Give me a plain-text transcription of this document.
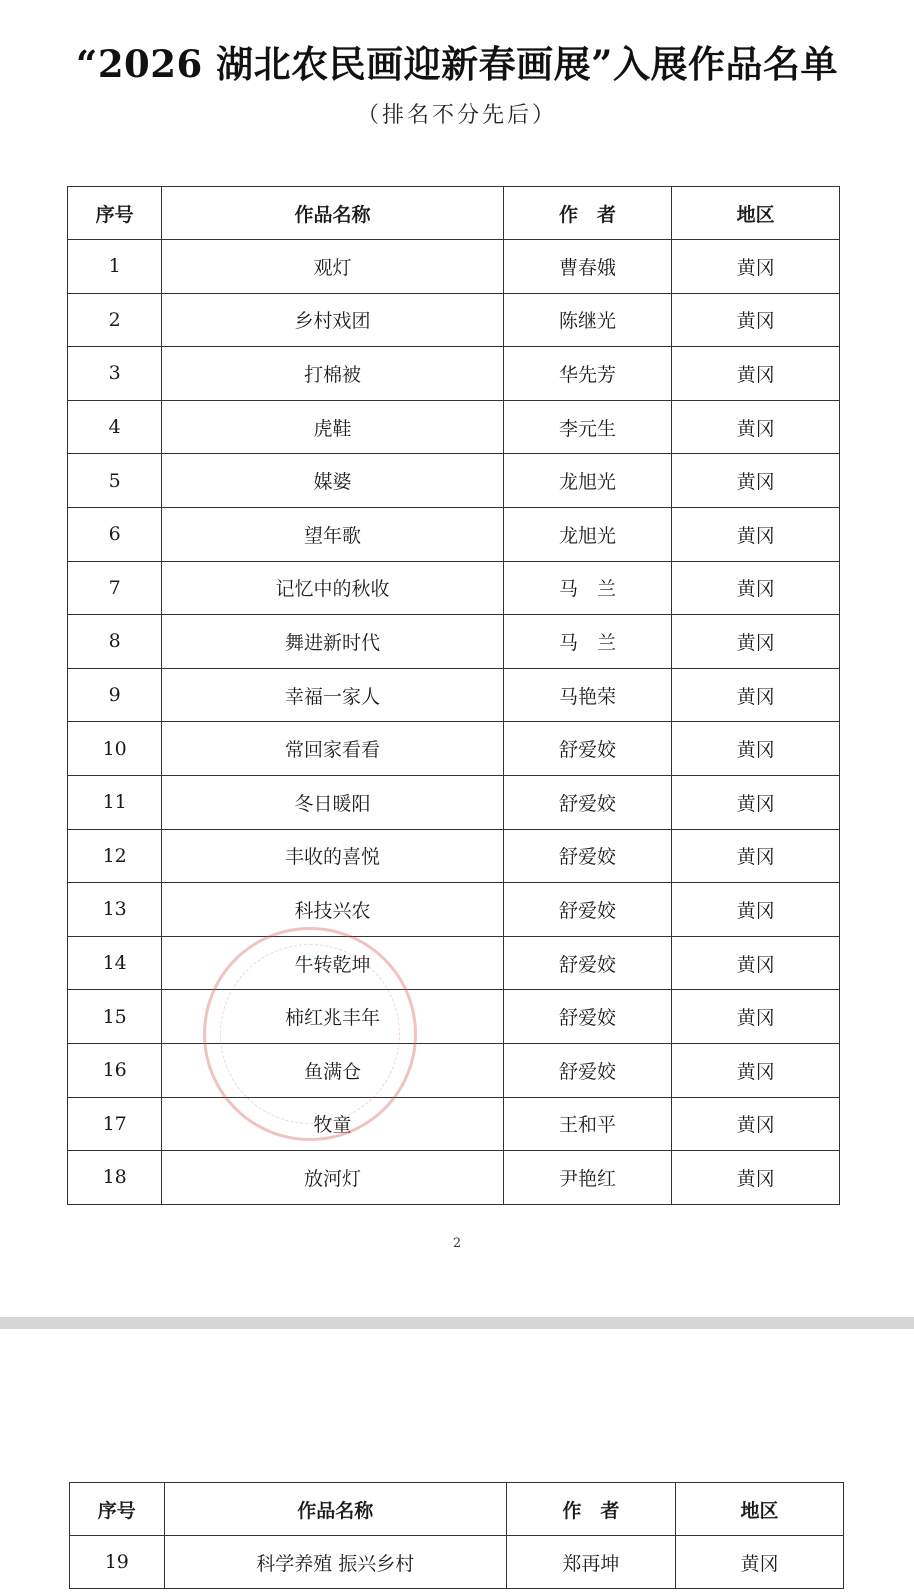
“2026 湖北农民画迎新春画展”入展作品名单
（排名不分先后）
序号	作品名称	作　者	地区
1	观灯	曹春娥	黄冈
2	乡村戏团	陈继光	黄冈
3	打棉被	华先芳	黄冈
4	虎鞋	李元生	黄冈
5	媒婆	龙旭光	黄冈
6	望年歌	龙旭光	黄冈
7	记忆中的秋收	马　兰	黄冈
8	舞进新时代	马　兰	黄冈
9	幸福一家人	马艳荣	黄冈
10	常回家看看	舒爱姣	黄冈
11	冬日暖阳	舒爱姣	黄冈
12	丰收的喜悦	舒爱姣	黄冈
13	科技兴农	舒爱姣	黄冈
14	牛转乾坤	舒爱姣	黄冈
15	柿红兆丰年	舒爱姣	黄冈
16	鱼满仓	舒爱姣	黄冈
17	牧童	王和平	黄冈
18	放河灯	尹艳红	黄冈
2
序号	作品名称	作　者	地区
19	科学养殖 振兴乡村	郑再坤	黄冈
